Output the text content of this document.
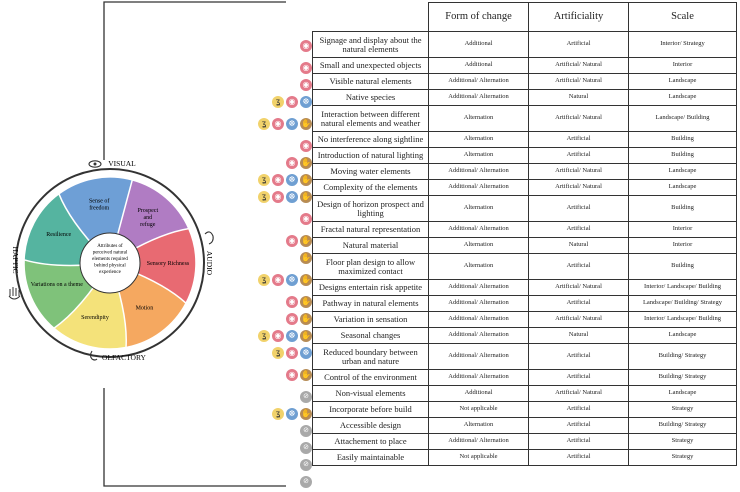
Attributes of perceived natural elements required behind physical experience
Prospect and refuge
Sensory Richness
Motion
Serendipity
Variations on a theme
Resilience
Sense of freedom
VISUAL
OLFACTORY
AUDIO
HAPTIC
◉
◉
◉
ʓ	◉ ☸
ʓ	◉ ☸ ✋
◉
◉ ✋
ʓ	◉ ☸ ✋
ʓ	◉ ☸ ✋
◉
◉ ✋
✋
ʓ	◉ ☸ ✋
◉ ✋
◉ ✋
ʓ	◉ ☸ ✋
ʓ	◉ ☸
◉ ✋
⊘
ʓ	☸ ✋
⊘
⊘
⊘
⊘
	Form of change	Artificiality	Scale
Signage and display about the natural elements	Additional	Artificial	Interior/ Strategy
Small and unexpected objects	Additional	Artificial/ Natural	Interior
Visible natural elements	Additional/ Alternation	Artificial/ Natural	Landscape
Native species	Additional/ Alternation	Natural	Landscape
Interaction between different natural elements and weather	Alternation	Artificial/ Natural	Landscape/ Building
No interference along sightline	Alternation	Artificial	Building
Introduction of natural lighting	Alternation	Artificial	Building
Moving water elements	Additional/ Alternation	Artificial/ Natural	Landscape
Complexity of the elements	Additional/ Alternation	Artificial/ Natural	Landscape
Design of horizon prospect and lighting	Alternation	Artificial	Building
Fractal natural representation	Additional/ Alternation	Artificial	Interior
Natural material	Alternation	Natural	Interior
Floor plan design to allow maximized contact	Alternation	Artificial	Building
Designs entertain risk appetite	Additional/ Alternation	Artificial/ Natural	Interior/ Landscape/ Building
Pathway in natural elements	Additional/ Alternation	Artificial	Landscape/ Building/ Strategy
Variation in sensation	Additional/ Alternation	Artificial/ Natural	Interior/ Landscape/ Building
Seasonal changes	Additional/ Alternation	Natural	Landscape
Reduced boundary between urban and nature	Additional/ Alternation	Artificial	Building/ Strategy
Control of the environment	Additional/ Alternation	Artificial	Building/ Strategy
Non-visual elements	Additional	Artificial/ Natural	Landscape
Incorporate before build	Not applicable	Artificial	Strategy
Accessible design	Alternation	Artificial	Building/ Strategy
Attachement to place	Additional/ Alternation	Artificial	Strategy
Easily maintainable	Not applicable	Artificial	Strategy
